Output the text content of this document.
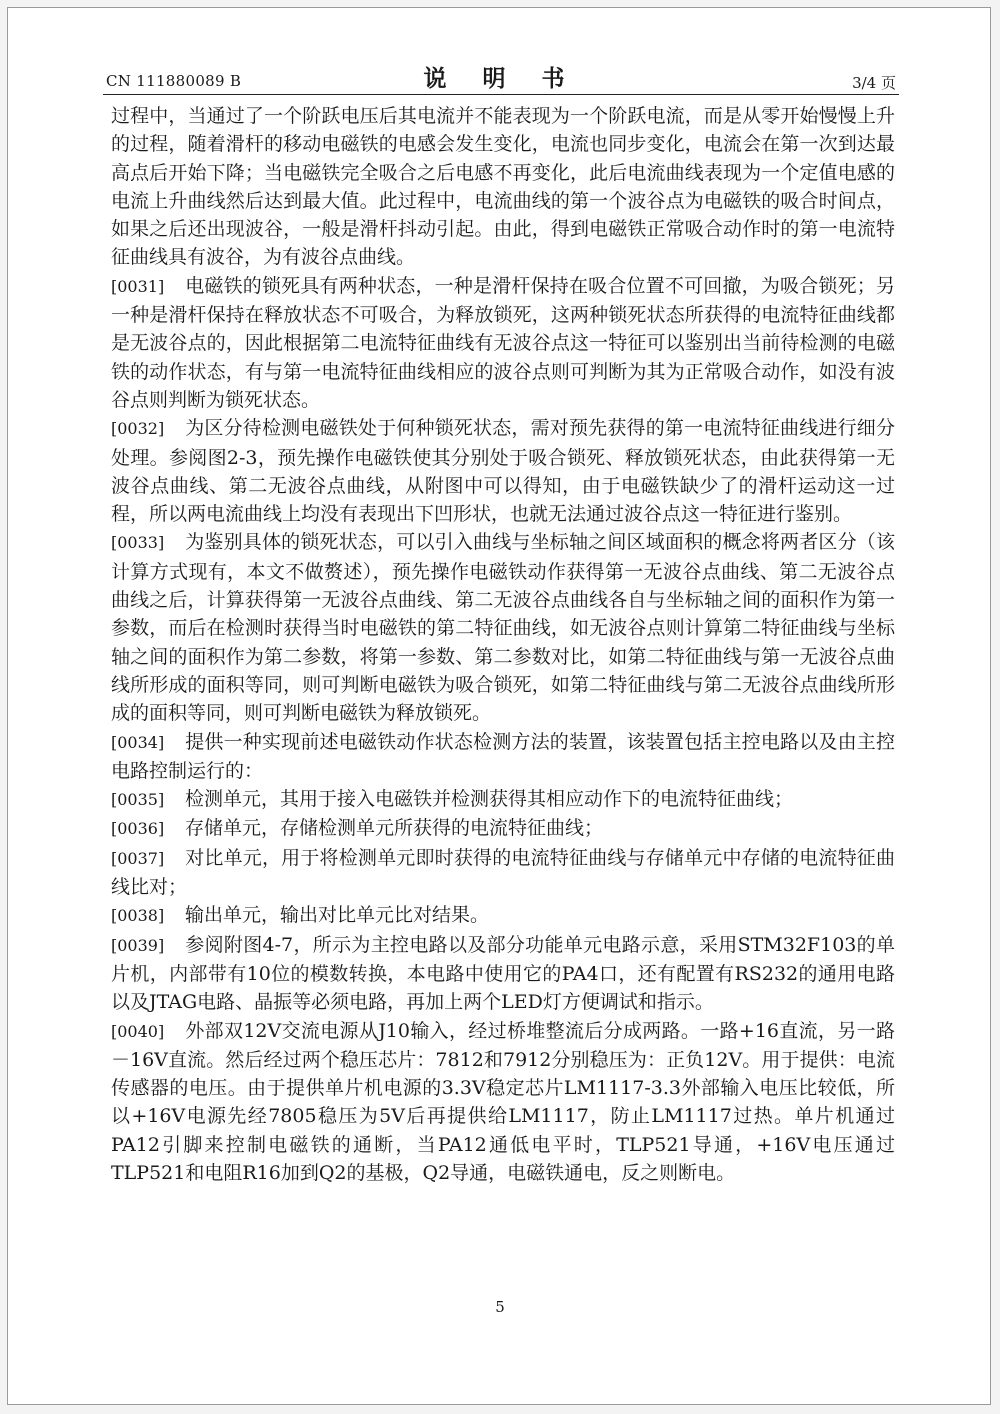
CN 111880089 B	说 明 书	3/4 页

过程中，当通过了一个阶跃电压后其电流并不能表现为一个阶跃电流，而是从零开始慢慢上升的过程，随着滑杆的移动电磁铁的电感会发生变化，电流也同步变化，电流会在第一次到达最高点后开始下降；当电磁铁完全吸合之后电感不再变化，此后电流曲线表现为一个定值电感的电流上升曲线然后达到最大值。此过程中，电流曲线的第一个波谷点为电磁铁的吸合时间点，如果之后还出现波谷，一般是滑杆抖动引起。由此，得到电磁铁正常吸合动作时的第一电流特征曲线具有波谷，为有波谷点曲线。

[0031] 电磁铁的锁死具有两种状态，一种是滑杆保持在吸合位置不可回撤，为吸合锁死；另一种是滑杆保持在释放状态不可吸合，为释放锁死，这两种锁死状态所获得的电流特征曲线都是无波谷点的，因此根据第二电流特征曲线有无波谷点这一特征可以鉴别出当前待检测的电磁铁的动作状态，有与第一电流特征曲线相应的波谷点则可判断为其为正常吸合动作，如没有波谷点则判断为锁死状态。

[0032] 为区分待检测电磁铁处于何种锁死状态，需对预先获得的第一电流特征曲线进行细分处理。参阅图2-3，预先操作电磁铁使其分别处于吸合锁死、释放锁死状态，由此获得第一无波谷点曲线、第二无波谷点曲线，从附图中可以得知，由于电磁铁缺少了的滑杆运动这一过程，所以两电流曲线上均没有表现出下凹形状，也就无法通过波谷点这一特征进行鉴别。

[0033] 为鉴别具体的锁死状态，可以引入曲线与坐标轴之间区域面积的概念将两者区分（该计算方式现有，本文不做赘述），预先操作电磁铁动作获得第一无波谷点曲线、第二无波谷点曲线之后，计算获得第一无波谷点曲线、第二无波谷点曲线各自与坐标轴之间的面积作为第一参数，而后在检测时获得当时电磁铁的第二特征曲线，如无波谷点则计算第二特征曲线与坐标轴之间的面积作为第二参数，将第一参数、第二参数对比，如第二特征曲线与第一无波谷点曲线所形成的面积等同，则可判断电磁铁为吸合锁死，如第二特征曲线与第二无波谷点曲线所形成的面积等同，则可判断电磁铁为释放锁死。

[0034] 提供一种实现前述电磁铁动作状态检测方法的装置，该装置包括主控电路以及由主控电路控制运行的：

[0035] 检测单元，其用于接入电磁铁并检测获得其相应动作下的电流特征曲线；

[0036] 存储单元，存储检测单元所获得的电流特征曲线；

[0037] 对比单元，用于将检测单元即时获得的电流特征曲线与存储单元中存储的电流特征曲线比对；

[0038] 输出单元，输出对比单元比对结果。

[0039] 参阅附图4-7，所示为主控电路以及部分功能单元电路示意，采用STM32F103的单片机，内部带有10位的模数转换，本电路中使用它的PA4口，还有配置有RS232的通用电路以及JTAG电路、晶振等必须电路，再加上两个LED灯方便调试和指示。

[0040] 外部双12V交流电源从J10输入，经过桥堆整流后分成两路。一路+16直流，另一路－16V直流。然后经过两个稳压芯片：7812和7912分别稳压为：正负12V。用于提供：电流传感器的电压。由于提供单片机电源的3.3V稳定芯片LM1117-3.3外部输入电压比较低，所以+16V电源先经7805稳压为5V后再提供给LM1117，防止LM1117过热。单片机通过PA12引脚来控制电磁铁的通断，当PA12通低电平时，TLP521导通，+16V电压通过TLP521和电阻R16加到Q2的基极，Q2导通，电磁铁通电，反之则断电。

5
